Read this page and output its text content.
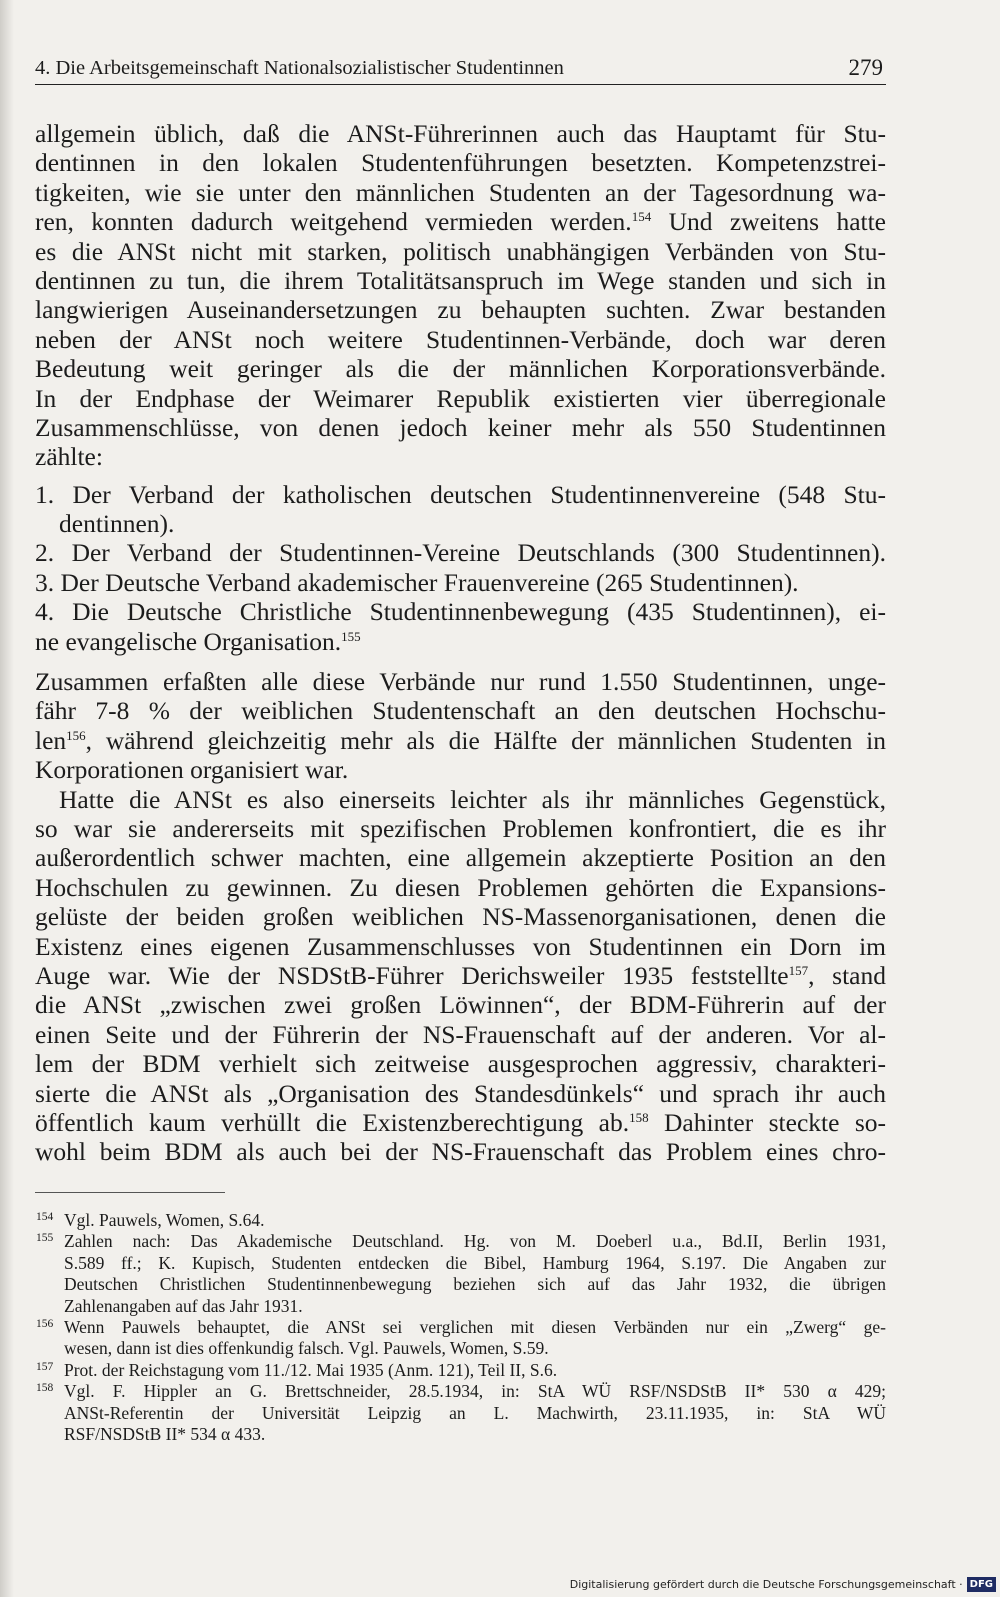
4. Die Arbeitsgemeinschaft Nationalsozialistischer Studentinnen	279
allgemein üblich, daß die ANSt-Führerinnen auch das Hauptamt für Stu-
dentinnen in den lokalen Studentenführungen besetzten. Kompetenzstrei-
tigkeiten, wie sie unter den männlichen Studenten an der Tagesordnung wa-
ren, konnten dadurch weitgehend vermieden werden.$^{154}$ Und zweitens hatte
es die ANSt nicht mit starken, politisch unabhängigen Verbänden von Stu-
dentinnen zu tun, die ihrem Totalitätsanspruch im Wege standen und sich in
langwierigen Auseinandersetzungen zu behaupten suchten. Zwar bestanden
neben der ANSt noch weitere Studentinnen-Verbände, doch war deren
Bedeutung weit geringer als die der männlichen Korporationsverbände.
In der Endphase der Weimarer Republik existierten vier überregionale
Zusammenschlüsse, von denen jedoch keiner mehr als 550 Studentinnen
zählte:
1. Der Verband der katholischen deutschen Studentinnenvereine (548 Stu-
dentinnen).
2. Der Verband der Studentinnen-Vereine Deutschlands (300 Studentinnen).
3. Der Deutsche Verband akademischer Frauenvereine (265 Studentinnen).
4. Die Deutsche Christliche Studentinnenbewegung (435 Studentinnen), ei-
ne evangelische Organisation.$^{155}$
Zusammen erfaßten alle diese Verbände nur rund 1.550 Studentinnen, unge-
fähr 7-8 % der weiblichen Studentenschaft an den deutschen Hochschu-
len$^{156}$, während gleichzeitig mehr als die Hälfte der männlichen Studenten in
Korporationen organisiert war.
Hatte die ANSt es also einerseits leichter als ihr männliches Gegenstück,
so war sie andererseits mit spezifischen Problemen konfrontiert, die es ihr
außerordentlich schwer machten, eine allgemein akzeptierte Position an den
Hochschulen zu gewinnen. Zu diesen Problemen gehörten die Expansions-
gelüste der beiden großen weiblichen NS-Massenorganisationen, denen die
Existenz eines eigenen Zusammenschlusses von Studentinnen ein Dorn im
Auge war. Wie der NSDStB-Führer Derichsweiler 1935 feststellte$^{157}$, stand
die ANSt „zwischen zwei großen Löwinnen“, der BDM-Führerin auf der
einen Seite und der Führerin der NS-Frauenschaft auf der anderen. Vor al-
lem der BDM verhielt sich zeitweise ausgesprochen aggressiv, charakteri-
sierte die ANSt als „Organisation des Standesdünkels“ und sprach ihr auch
öffentlich kaum verhüllt die Existenzberechtigung ab.$^{158}$ Dahinter steckte so-
wohl beim BDM als auch bei der NS-Frauenschaft das Problem eines chro-
154 Vgl. Pauwels, Women, S.64.
155 Zahlen nach: Das Akademische Deutschland. Hg. von M. Doeberl u.a., Bd.II, Berlin 1931,
S.589 ff.; K. Kupisch, Studenten entdecken die Bibel, Hamburg 1964, S.197. Die Angaben zur
Deutschen Christlichen Studentinnenbewegung beziehen sich auf das Jahr 1932, die übrigen
Zahlenangaben auf das Jahr 1931.
156 Wenn Pauwels behauptet, die ANSt sei verglichen mit diesen Verbänden nur ein „Zwerg“ ge-
wesen, dann ist dies offenkundig falsch. Vgl. Pauwels, Women, S.59.
157 Prot. der Reichstagung vom 11./12. Mai 1935 (Anm. 121), Teil II, S.6.
158 Vgl. F. Hippler an G. Brettschneider, 28.5.1934, in: StA WÜ RSF/NSDStB II* 530 α 429;
ANSt-Referentin der Universität Leipzig an L. Machwirth, 23.11.1935, in: StA WÜ
RSF/NSDStB II* 534 α 433.
Digitalisierung gefördert durch die Deutsche Forschungsgemeinschaft · DFG
